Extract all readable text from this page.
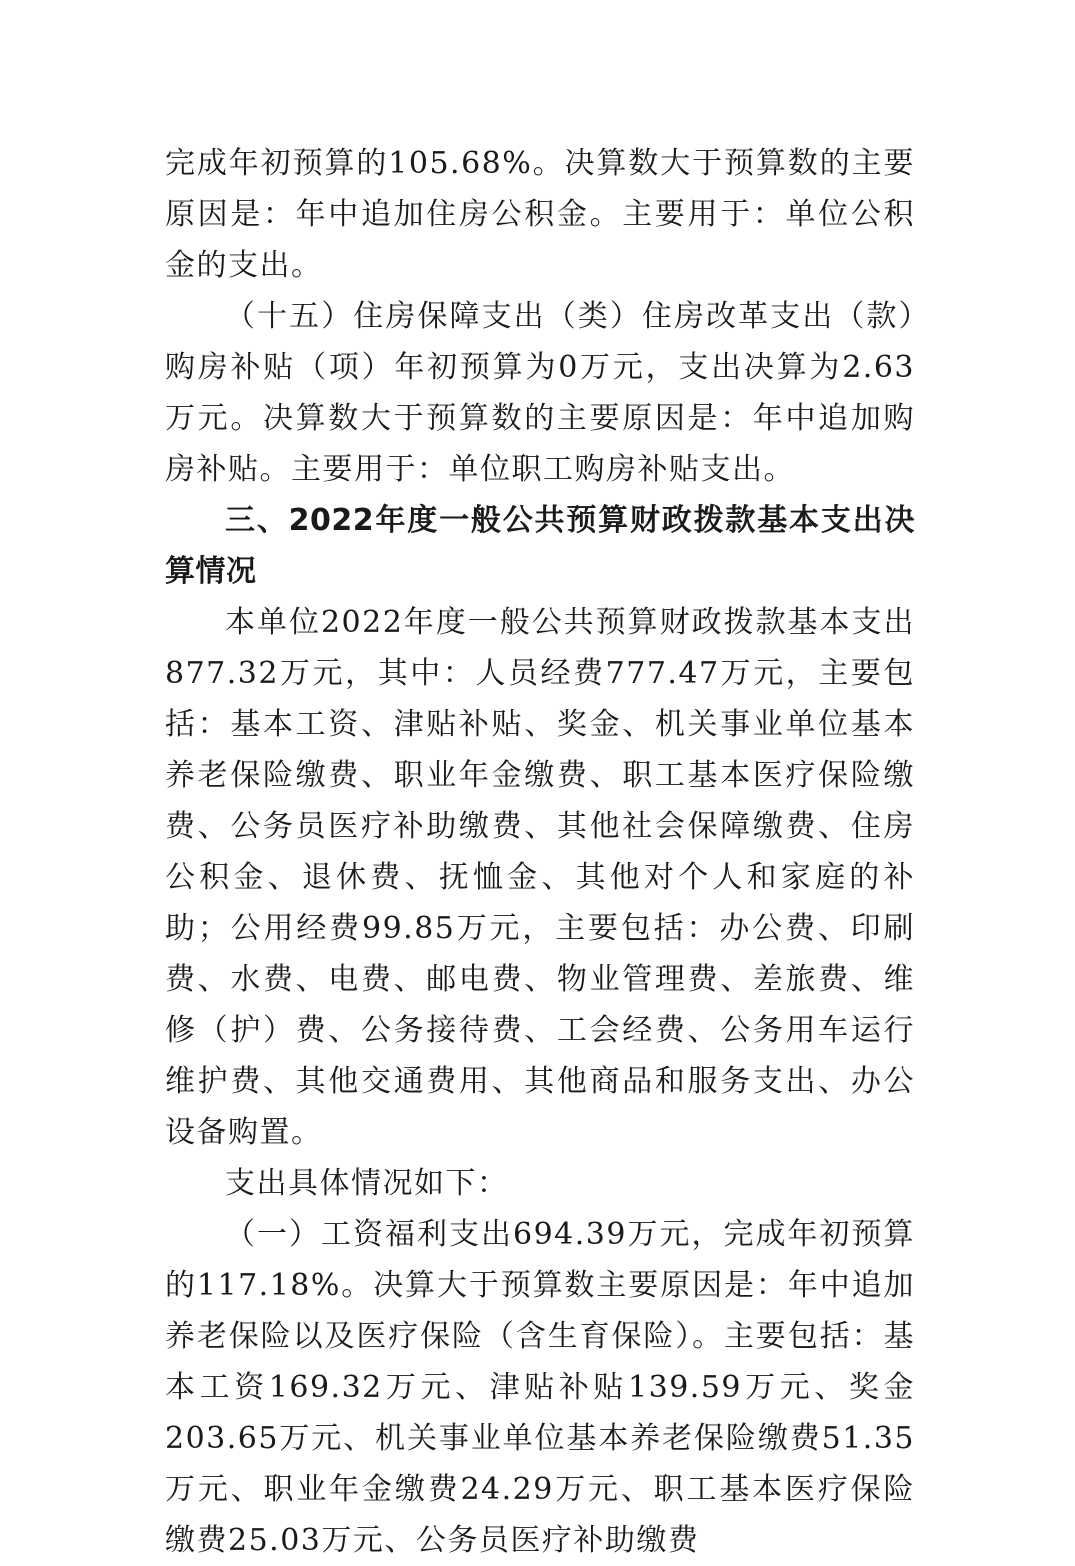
完成年初预算的105.68%。决算数大于预算数的主要原因是：年中追加住房公积金。主要用于：单位公积金的支出。

（十五）住房保障支出（类）住房改革支出（款）购房补贴（项）年初预算为0万元，支出决算为2.63万元。决算数大于预算数的主要原因是：年中追加购房补贴。主要用于：单位职工购房补贴支出。

三、2022年度一般公共预算财政拨款基本支出决算情况

本单位2022年度一般公共预算财政拨款基本支出877.32万元，其中：人员经费777.47万元，主要包括：基本工资、津贴补贴、奖金、机关事业单位基本养老保险缴费、职业年金缴费、职工基本医疗保险缴费、公务员医疗补助缴费、其他社会保障缴费、住房公积金、退休费、抚恤金、其他对个人和家庭的补助；公用经费99.85万元，主要包括：办公费、印刷费、水费、电费、邮电费、物业管理费、差旅费、维修（护）费、公务接待费、工会经费、公务用车运行维护费、其他交通费用、其他商品和服务支出、办公设备购置。

支出具体情况如下：

（一）工资福利支出694.39万元，完成年初预算的117.18%。决算大于预算数主要原因是：年中追加养老保险以及医疗保险（含生育保险）。主要包括：基本工资169.32万元、津贴补贴139.59万元、奖金203.65万元、机关事业单位基本养老保险缴费51.35万元、职业年金缴费24.29万元、职工基本医疗保险缴费25.03万元、公务员医疗补助缴费
